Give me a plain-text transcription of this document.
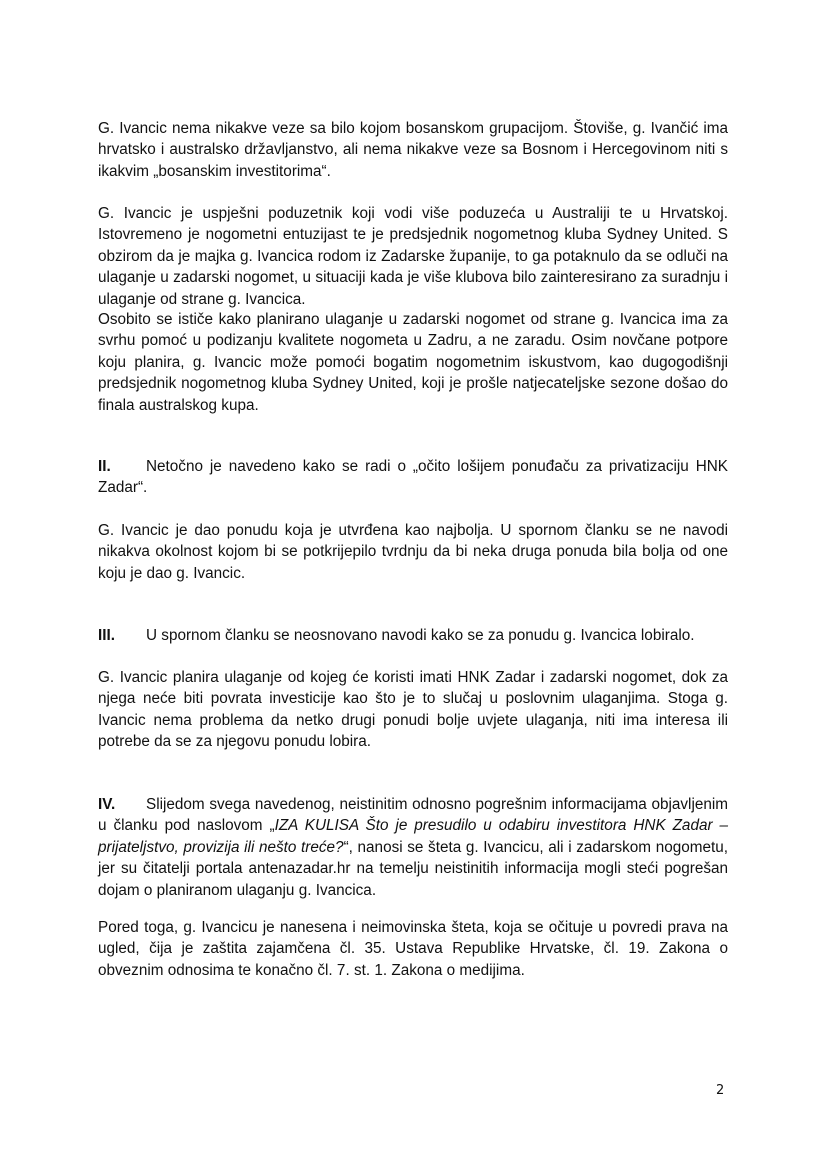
G. Ivancic nema nikakve veze sa bilo kojom bosanskom grupacijom. Štoviše, g. Ivančić ima hrvatsko i australsko državljanstvo, ali nema nikakve veze sa Bosnom i Hercegovinom niti s ikakvim „bosanskim investitorima“.

G. Ivancic je uspješni poduzetnik koji vodi više poduzeća u Australiji te u Hrvatskoj. Istovremeno je nogometni entuzijast te je predsjednik nogometnog kluba Sydney United. S obzirom da je majka g. Ivancica rodom iz Zadarske županije, to ga potaknulo da se odluči na ulaganje u zadarski nogomet, u situaciji kada je više klubova bilo zainteresirano za suradnju i ulaganje od strane g. Ivancica.

Osobito se ističe kako planirano ulaganje u zadarski nogomet od strane g. Ivancica ima za svrhu pomoć u podizanju kvalitete nogometa u Zadru, a ne zaradu. Osim novčane potpore koju planira, g. Ivancic može pomoći bogatim nogometnim iskustvom, kao dugogodišnji predsjednik nogometnog kluba Sydney United, koji je prošle natjecateljske sezone došao do finala australskog kupa.

II. Netočno je navedeno kako se radi o „očito lošijem ponuđaču za privatizaciju HNK Zadar“.

G. Ivancic je dao ponudu koja je utvrđena kao najbolja. U spornom članku se ne navodi nikakva okolnost kojom bi se potkrijepilo tvrdnju da bi neka druga ponuda bila bolja od one koju je dao g. Ivancic.

III. U spornom članku se neosnovano navodi kako se za ponudu g. Ivancica lobiralo.

G. Ivancic planira ulaganje od kojeg će koristi imati HNK Zadar i zadarski nogomet, dok za njega neće biti povrata investicije kao što je to slučaj u poslovnim ulaganjima. Stoga g. Ivancic nema problema da netko drugi ponudi bolje uvjete ulaganja, niti ima interesa ili potrebe da se za njegovu ponudu lobira.

IV. Slijedom svega navedenog, neistinitim odnosno pogrešnim informacijama objavljenim u članku pod naslovom „IZA KULISA Što je presudilo u odabiru investitora HNK Zadar – prijateljstvo, provizija ili nešto treće?“, nanosi se šteta g. Ivancicu, ali i zadarskom nogometu, jer su čitatelji portala antenazadar.hr na temelju neistinitih informacija mogli steći pogrešan dojam o planiranom ulaganju g. Ivancica.

Pored toga, g. Ivancicu je nanesena i neimovinska šteta, koja se očituje u povredi prava na ugled, čija je zaštita zajamčena čl. 35. Ustava Republike Hrvatske, čl. 19. Zakona o obveznim odnosima te konačno čl. 7. st. 1. Zakona o medijima.

2
